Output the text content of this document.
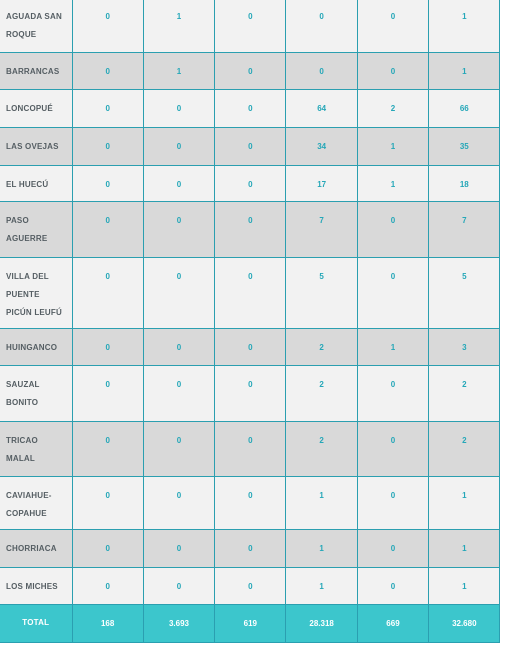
AGUADA SAN ROQUE	0	1	0	0	0	1
BARRANCAS	0	1	0	0	0	1
LONCOPUÉ	0	0	0	64	2	66
LAS OVEJAS	0	0	0	34	1	35
EL HUECÚ	0	0	0	17	1	18
PASO AGUERRE	0	0	0	7	0	7
VILLA DEL PUENTE PICÚN LEUFÚ	0	0	0	5	0	5
HUINGANCO	0	0	0	2	1	3
SAUZAL BONITO	0	0	0	2	0	2
TRICAO MALAL	0	0	0	2	0	2
CAVIAHUE-COPAHUE	0	0	0	1	0	1
CHORRIACA	0	0	0	1	0	1
LOS MICHES	0	0	0	1	0	1
TOTAL	168	3.693	619	28.318	669	32.680
